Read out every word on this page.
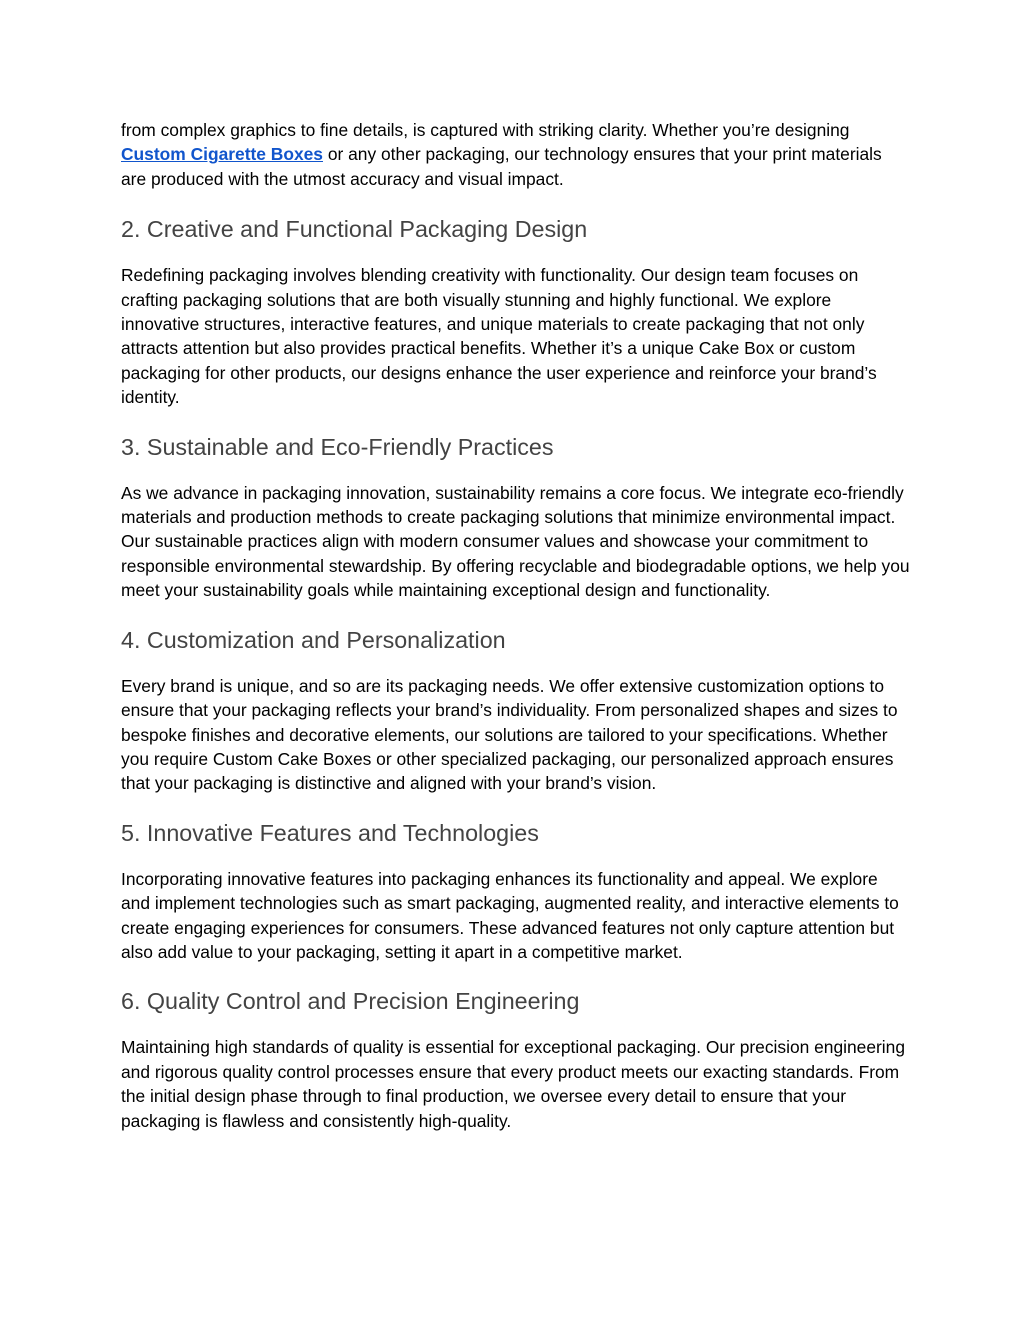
from complex graphics to fine details, is captured with striking clarity. Whether you’re designing Custom Cigarette Boxes or any other packaging, our technology ensures that your print materials are produced with the utmost accuracy and visual impact.

2. Creative and Functional Packaging Design

Redefining packaging involves blending creativity with functionality. Our design team focuses on crafting packaging solutions that are both visually stunning and highly functional. We explore innovative structures, interactive features, and unique materials to create packaging that not only attracts attention but also provides practical benefits. Whether it’s a unique Cake Box or custom packaging for other products, our designs enhance the user experience and reinforce your brand’s identity.

3. Sustainable and Eco-Friendly Practices

As we advance in packaging innovation, sustainability remains a core focus. We integrate eco-friendly materials and production methods to create packaging solutions that minimize environmental impact. Our sustainable practices align with modern consumer values and showcase your commitment to responsible environmental stewardship. By offering recyclable and biodegradable options, we help you meet your sustainability goals while maintaining exceptional design and functionality.

4. Customization and Personalization

Every brand is unique, and so are its packaging needs. We offer extensive customization options to ensure that your packaging reflects your brand’s individuality. From personalized shapes and sizes to bespoke finishes and decorative elements, our solutions are tailored to your specifications. Whether you require Custom Cake Boxes or other specialized packaging, our personalized approach ensures that your packaging is distinctive and aligned with your brand’s vision.

5. Innovative Features and Technologies

Incorporating innovative features into packaging enhances its functionality and appeal. We explore and implement technologies such as smart packaging, augmented reality, and interactive elements to create engaging experiences for consumers. These advanced features not only capture attention but also add value to your packaging, setting it apart in a competitive market.

6. Quality Control and Precision Engineering

Maintaining high standards of quality is essential for exceptional packaging. Our precision engineering and rigorous quality control processes ensure that every product meets our exacting standards. From the initial design phase through to final production, we oversee every detail to ensure that your packaging is flawless and consistently high-quality.
